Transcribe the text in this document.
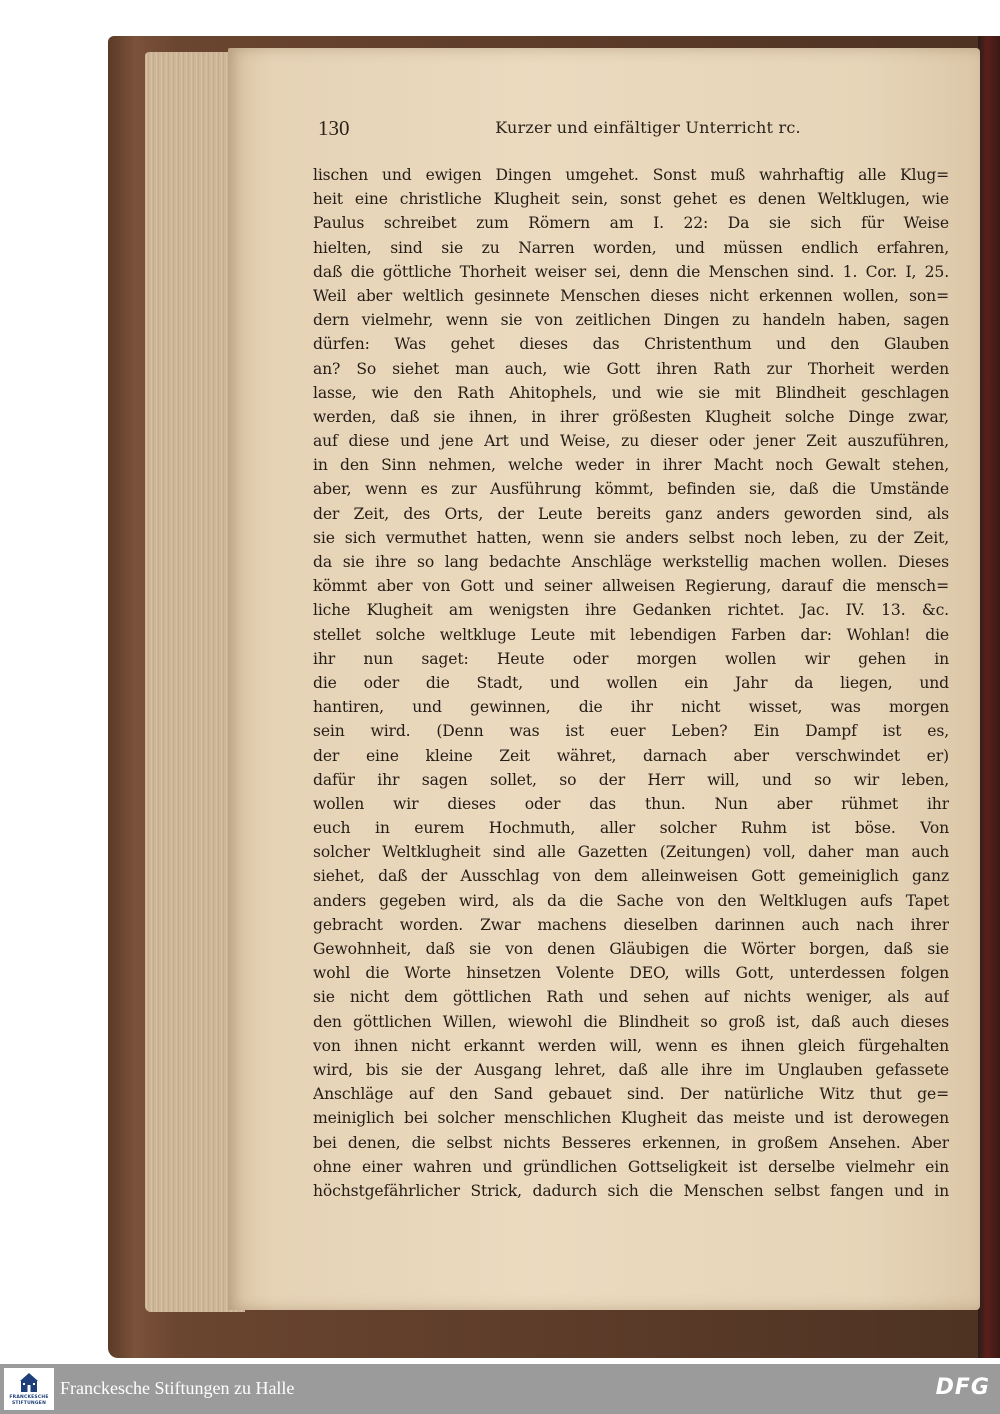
130	Kurzer und einfältiger Unterricht rc.
lischen und ewigen Dingen umgehet. Sonst muß wahrhaftig alle Klug=
heit eine christliche Klugheit sein, sonst gehet es denen Weltklugen, wie
Paulus schreibet zum Römern am I. 22: Da sie sich für Weise
hielten, sind sie zu Narren worden, und müssen endlich erfahren,
daß die göttliche Thorheit weiser sei, denn die Menschen sind. 1. Cor. I, 25.
Weil aber weltlich gesinnete Menschen dieses nicht erkennen wollen, son=
dern vielmehr, wenn sie von zeitlichen Dingen zu handeln haben, sagen
dürfen: Was gehet dieses das Christenthum und den Glauben
an? So siehet man auch, wie Gott ihren Rath zur Thorheit werden
lasse, wie den Rath Ahitophels, und wie sie mit Blindheit geschlagen
werden, daß sie ihnen, in ihrer größesten Klugheit solche Dinge zwar,
auf diese und jene Art und Weise, zu dieser oder jener Zeit auszuführen,
in den Sinn nehmen, welche weder in ihrer Macht noch Gewalt stehen,
aber, wenn es zur Ausführung kömmt, befinden sie, daß die Umstände
der Zeit, des Orts, der Leute bereits ganz anders geworden sind, als
sie sich vermuthet hatten, wenn sie anders selbst noch leben, zu der Zeit,
da sie ihre so lang bedachte Anschläge werkstellig machen wollen. Dieses
kömmt aber von Gott und seiner allweisen Regierung, darauf die mensch=
liche Klugheit am wenigsten ihre Gedanken richtet. Jac. IV. 13. &c.
stellet solche weltkluge Leute mit lebendigen Farben dar: Wohlan! die
ihr nun saget: Heute oder morgen wollen wir gehen in
die oder die Stadt, und wollen ein Jahr da liegen, und
hantiren, und gewinnen, die ihr nicht wisset, was morgen
sein wird. (Denn was ist euer Leben? Ein Dampf ist es,
der eine kleine Zeit währet, darnach aber verschwindet er)
dafür ihr sagen sollet, so der Herr will, und so wir leben,
wollen wir dieses oder das thun. Nun aber rühmet ihr
euch in eurem Hochmuth, aller solcher Ruhm ist böse. Von
solcher Weltklugheit sind alle Gazetten (Zeitungen) voll, daher man auch
siehet, daß der Ausschlag von dem alleinweisen Gott gemeiniglich ganz
anders gegeben wird, als da die Sache von den Weltklugen aufs Tapet
gebracht worden. Zwar machens dieselben darinnen auch nach ihrer
Gewohnheit, daß sie von denen Gläubigen die Wörter borgen, daß sie
wohl die Worte hinsetzen Volente DEO, wills Gott, unterdessen folgen
sie nicht dem göttlichen Rath und sehen auf nichts weniger, als auf
den göttlichen Willen, wiewohl die Blindheit so groß ist, daß auch dieses
von ihnen nicht erkannt werden will, wenn es ihnen gleich fürgehalten
wird, bis sie der Ausgang lehret, daß alle ihre im Unglauben gefassete
Anschläge auf den Sand gebauet sind. Der natürliche Witz thut ge=
meiniglich bei solcher menschlichen Klugheit das meiste und ist derowegen
bei denen, die selbst nichts Besseres erkennen, in großem Ansehen. Aber
ohne einer wahren und gründlichen Gottseligkeit ist derselbe vielmehr ein
höchstgefährlicher Strick, dadurch sich die Menschen selbst fangen und in
FRANCKESCHE
STIFTUNGEN
Franckesche Stiftungen zu Halle	DFG
